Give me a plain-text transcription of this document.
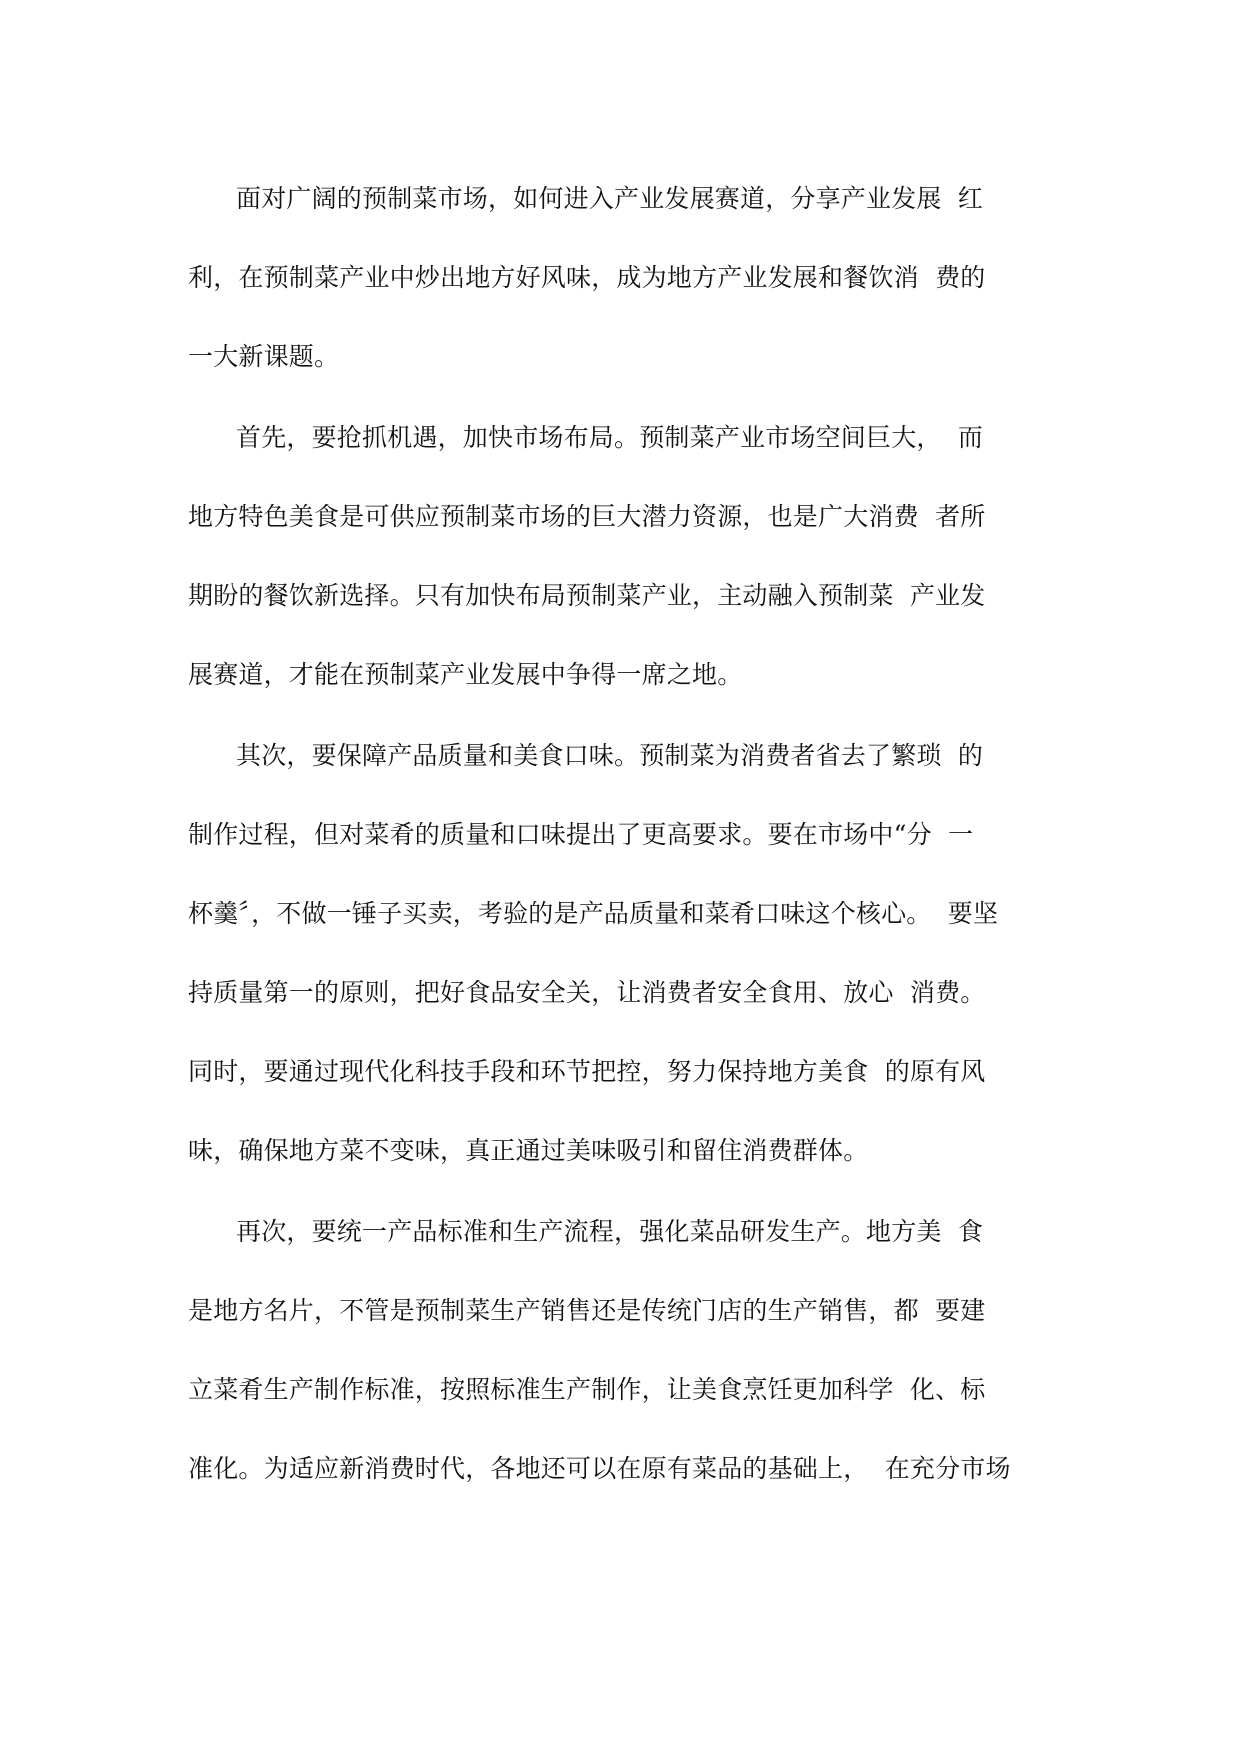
面对广阔的预制菜市场，如何进入产业发展赛道，分享产业发展  红
利，在预制菜产业中炒出地方好风味，成为地方产业发展和餐饮消  费的
一大新课题。
首先，要抢抓机遇，加快市场布局。预制菜产业市场空间巨大，  而
地方特色美食是可供应预制菜市场的巨大潜力资源，也是广大消费  者所
期盼的餐饮新选择。只有加快布局预制菜产业，主动融入预制菜  产业发
展赛道，才能在预制菜产业发展中争得一席之地。
其次，要保障产品质量和美食口味。预制菜为消费者省去了繁琐  的
制作过程，但对菜肴的质量和口味提出了更高要求。要在市场中“分  一
杯羹〞，不做一锤子买卖，考验的是产品质量和菜肴口味这个核心。  要坚
持质量第一的原则，把好食品安全关，让消费者安全食用、放心  消费。
同时，要通过现代化科技手段和环节把控，努力保持地方美食  的原有风
味，确保地方菜不变味，真正通过美味吸引和留住消费群体。
再次，要统一产品标准和生产流程，强化菜品研发生产。地方美  食
是地方名片，不管是预制菜生产销售还是传统门店的生产销售，都  要建
立菜肴生产制作标准，按照标准生产制作，让美食烹饪更加科学  化、标
准化。为适应新消费时代，各地还可以在原有菜品的基础上，  在充分市场
